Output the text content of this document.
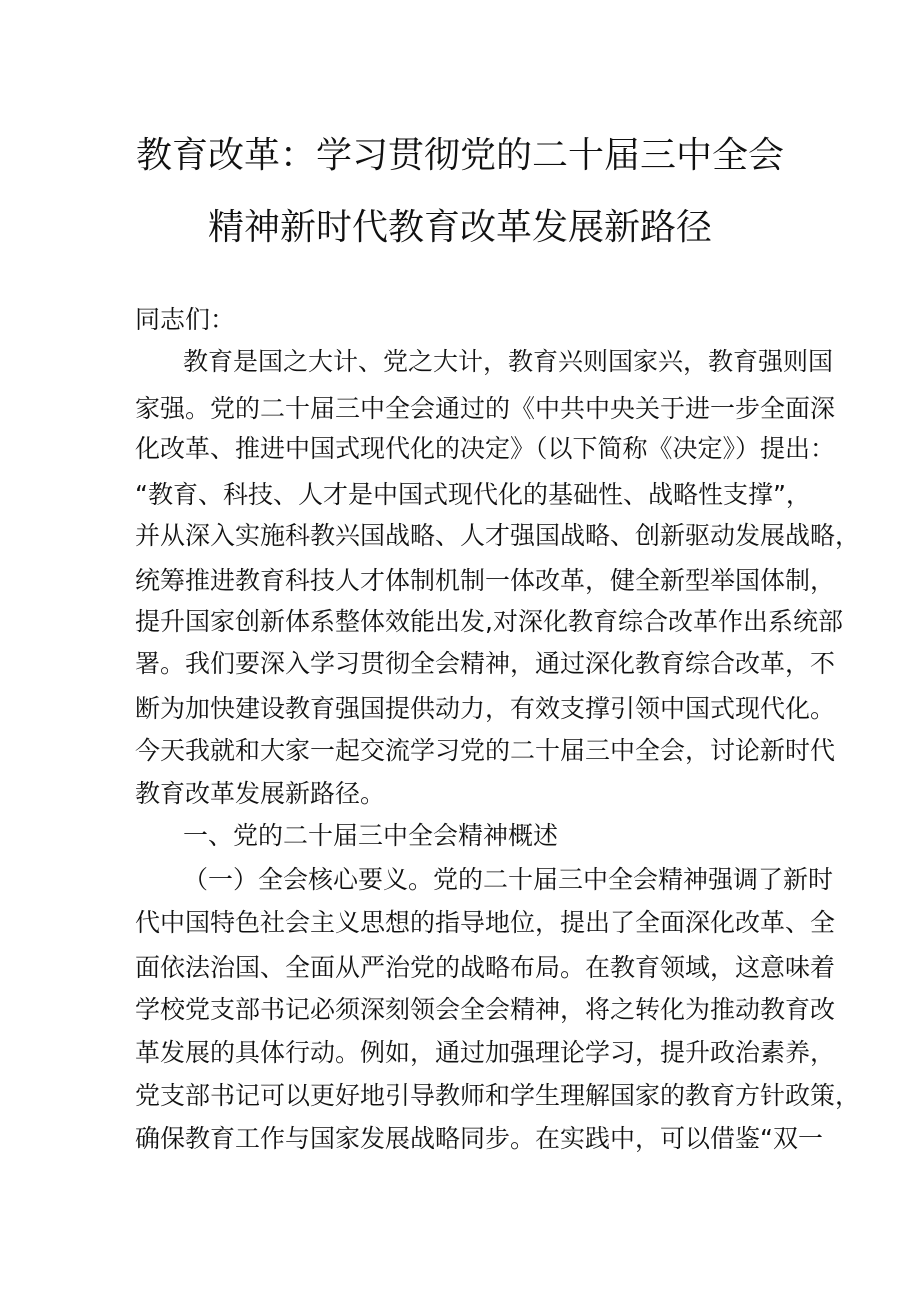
教育改革：学习贯彻党的二十届三中全会
精神新时代教育改革发展新路径
同志们：
教育是国之大计、党之大计，教育兴则国家兴，教育强则国
家强。党的二十届三中全会通过的《中共中央关于进一步全面深
化改革、推进中国式现代化的决定》（以下简称《决定》）提出：
“教育、科技、人才是中国式现代化的基础性、战略性支撑”，
并从深入实施科教兴国战略、人才强国战略、创新驱动发展战略，
统筹推进教育科技人才体制机制一体改革，健全新型举国体制，
提升国家创新体系整体效能出发,对深化教育综合改革作出系统部
署。我们要深入学习贯彻全会精神，通过深化教育综合改革，不
断为加快建设教育强国提供动力，有效支撑引领中国式现代化。
今天我就和大家一起交流学习党的二十届三中全会，讨论新时代
教育改革发展新路径。
一、党的二十届三中全会精神概述
（一）全会核心要义。党的二十届三中全会精神强调了新时
代中国特色社会主义思想的指导地位，提出了全面深化改革、全
面依法治国、全面从严治党的战略布局。在教育领域，这意味着
学校党支部书记必须深刻领会全会精神，将之转化为推动教育改
革发展的具体行动。例如，通过加强理论学习，提升政治素养，
党支部书记可以更好地引导教师和学生理解国家的教育方针政策，
确保教育工作与国家发展战略同步。在实践中，可以借鉴“双一
